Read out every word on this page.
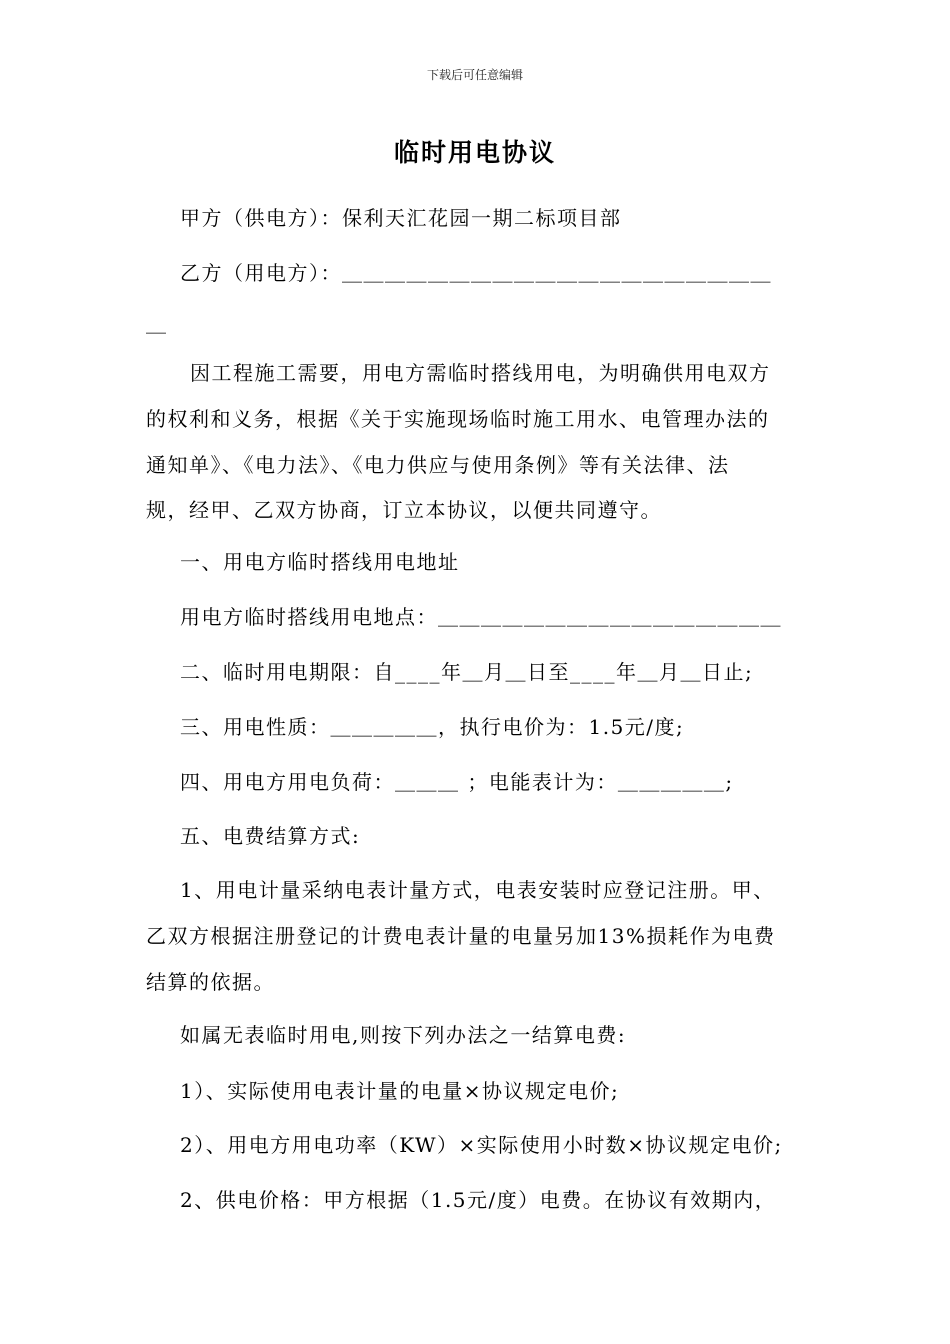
下载后可任意编辑
临时用电协议
甲方（供电方）：保利天汇花园一期二标项目部
乙方（用电方）：＿＿＿＿＿＿＿＿＿＿＿＿＿＿＿＿＿＿＿＿
＿
因工程施工需要，用电方需临时搭线用电，为明确供用电双方
的权利和义务，根据《关于实施现场临时施工用水、电管理办法的
通知单》、《电力法》、《电力供应与使用条例》等有关法律、法
规，经甲、乙双方协商，订立本协议，以便共同遵守。
一、用电方临时搭线用电地址
用电方临时搭线用电地点：＿＿＿＿＿＿＿＿＿＿＿＿＿＿＿＿
二、临时用电期限：自____年＿月＿日至____年＿月＿日止;
三、用电性质：＿＿＿＿＿，执行电价为：1.5元/度;
四、用电方用电负荷：＿＿＿ ；电能表计为：＿＿＿＿＿;
五、电费结算方式:
1、用电计量采纳电表计量方式，电表安装时应登记注册。甲、
乙双方根据注册登记的计费电表计量的电量另加13%损耗作为电费
结算的依据。
如属无表临时用电,则按下列办法之一结算电费:
1）、实际使用电表计量的电量×协议规定电价;
2）、用电方用电功率（KW）×实际使用小时数×协议规定电价;
2、供电价格：甲方根据（1.5元/度）电费。在协议有效期内，
